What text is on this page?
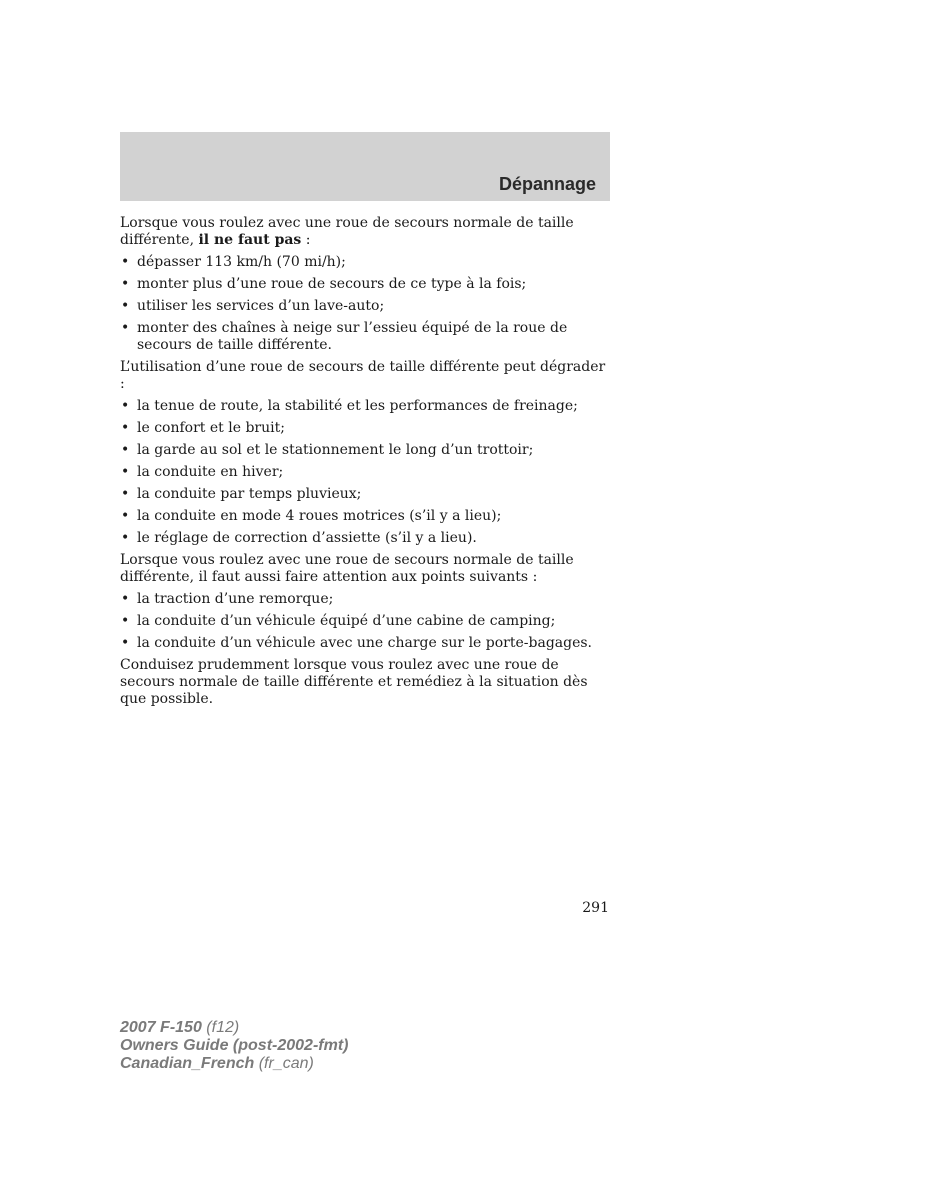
Dépannage

Lorsque vous roulez avec une roue de secours normale de taille différente, il ne faut pas :

• dépasser 113 km/h (70 mi/h);
• monter plus d’une roue de secours de ce type à la fois;
• utiliser les services d’un lave-auto;
• monter des chaînes à neige sur l’essieu équipé de la roue de secours de taille différente.

L’utilisation d’une roue de secours de taille différente peut dégrader :

• la tenue de route, la stabilité et les performances de freinage;
• le confort et le bruit;
• la garde au sol et le stationnement le long d’un trottoir;
• la conduite en hiver;
• la conduite par temps pluvieux;
• la conduite en mode 4 roues motrices (s’il y a lieu);
• le réglage de correction d’assiette (s’il y a lieu).

Lorsque vous roulez avec une roue de secours normale de taille différente, il faut aussi faire attention aux points suivants :

• la traction d’une remorque;
• la conduite d’un véhicule équipé d’une cabine de camping;
• la conduite d’un véhicule avec une charge sur le porte-bagages.

Conduisez prudemment lorsque vous roulez avec une roue de secours normale de taille différente et remédiez à la situation dès que possible.

291
2007 F-150 (f12)
Owners Guide (post-2002-fmt)
Canadian_French (fr_can)
